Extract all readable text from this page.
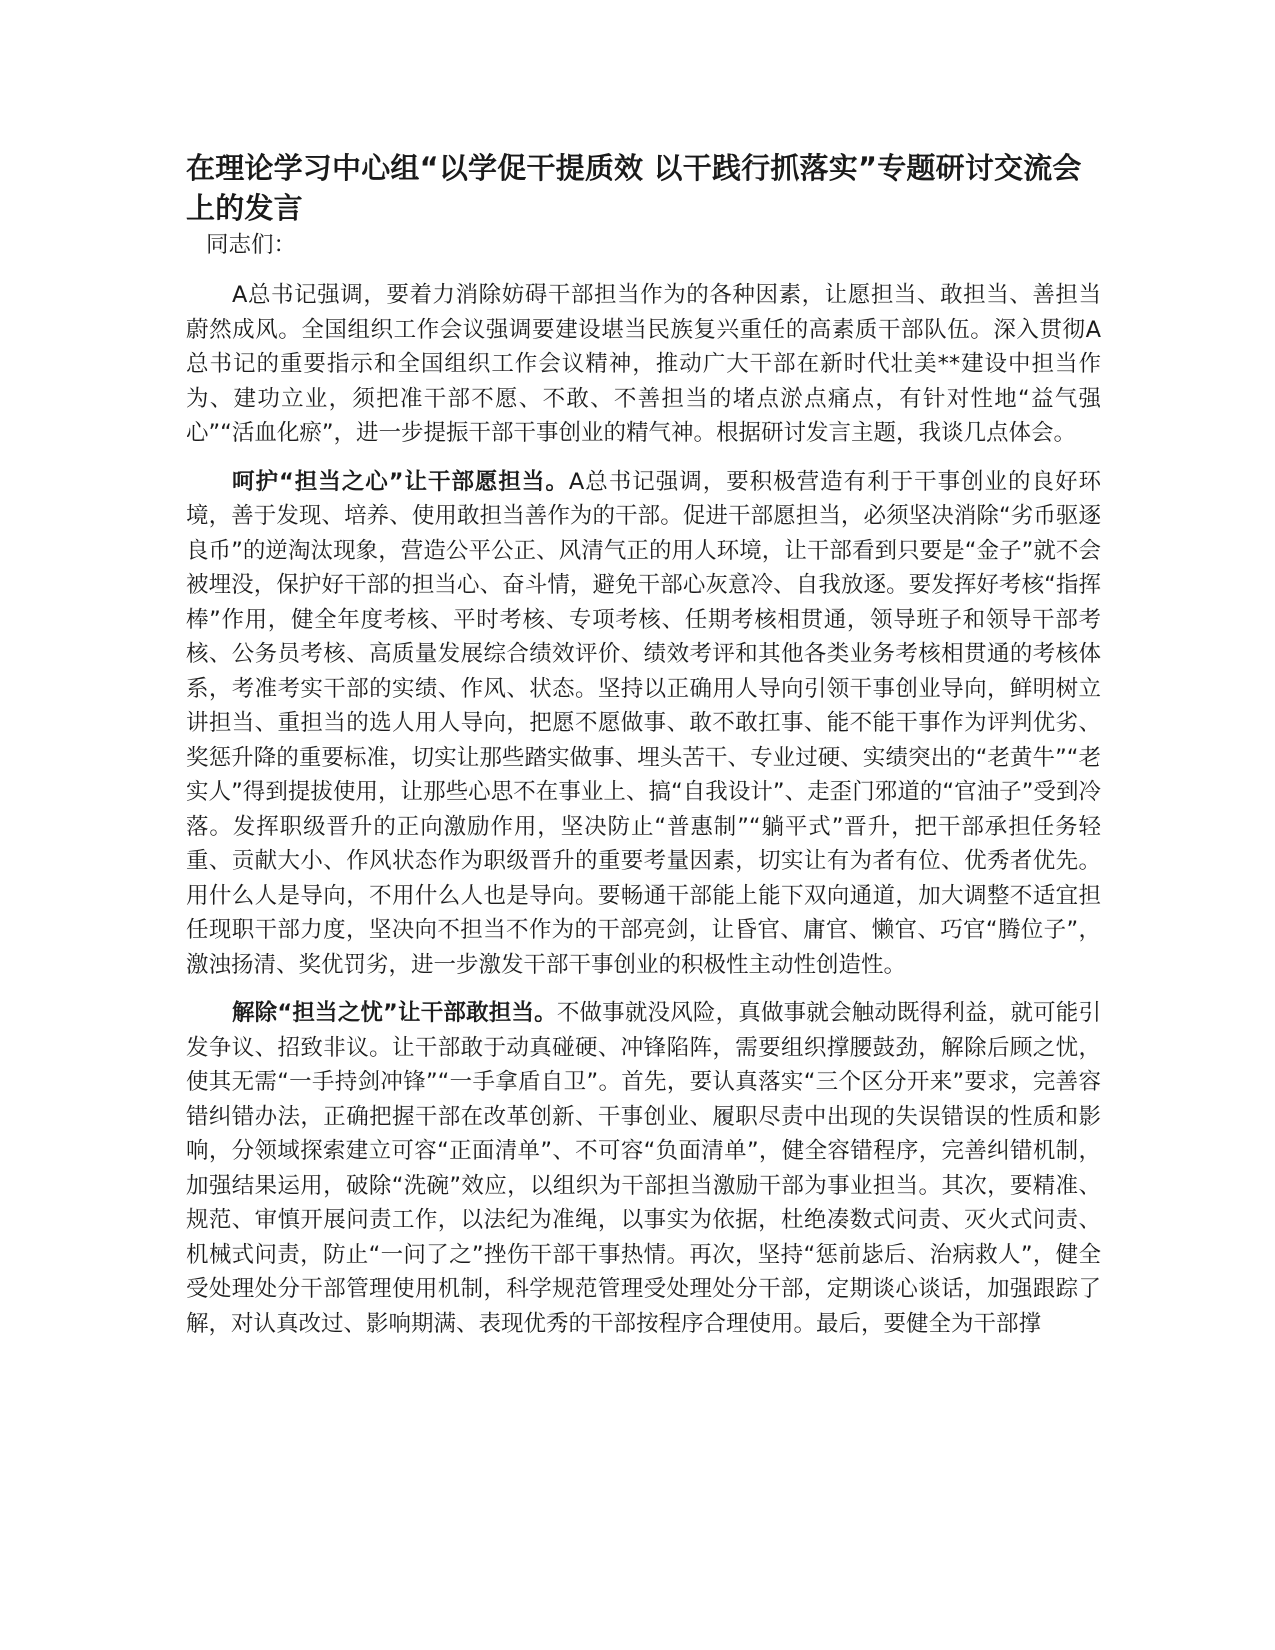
在理论学习中心组“以学促干提质效 以干践行抓落实”专题研讨交流会上的发言

同志们：

A总书记强调，要着力消除妨碍干部担当作为的各种因素，让愿担当、敢担当、善担当蔚然成风。全国组织工作会议强调要建设堪当民族复兴重任的高素质干部队伍。深入贯彻A总书记的重要指示和全国组织工作会议精神，推动广大干部在新时代壮美**建设中担当作为、建功立业，须把准干部不愿、不敢、不善担当的堵点淤点痛点，有针对性地“益气强心”“活血化瘀”，进一步提振干部干事创业的精气神。根据研讨发言主题，我谈几点体会。

呵护“担当之心”让干部愿担当。A总书记强调，要积极营造有利于干事创业的良好环境，善于发现、培养、使用敢担当善作为的干部。促进干部愿担当，必须坚决消除“劣币驱逐良币”的逆淘汰现象，营造公平公正、风清气正的用人环境，让干部看到只要是“金子”就不会被埋没，保护好干部的担当心、奋斗情，避免干部心灰意冷、自我放逐。要发挥好考核“指挥棒”作用，健全年度考核、平时考核、专项考核、任期考核相贯通，领导班子和领导干部考核、公务员考核、高质量发展综合绩效评价、绩效考评和其他各类业务考核相贯通的考核体系，考准考实干部的实绩、作风、状态。坚持以正确用人导向引领干事创业导向，鲜明树立讲担当、重担当的选人用人导向，把愿不愿做事、敢不敢扛事、能不能干事作为评判优劣、奖惩升降的重要标准，切实让那些踏实做事、埋头苦干、专业过硬、实绩突出的“老黄牛”“老实人”得到提拔使用，让那些心思不在事业上、搞“自我设计”、走歪门邪道的“官油子”受到冷落。发挥职级晋升的正向激励作用，坚决防止“普惠制”“躺平式”晋升，把干部承担任务轻重、贡献大小、作风状态作为职级晋升的重要考量因素，切实让有为者有位、优秀者优先。用什么人是导向，不用什么人也是导向。要畅通干部能上能下双向通道，加大调整不适宜担任现职干部力度，坚决向不担当不作为的干部亮剑，让昏官、庸官、懒官、巧官“腾位子”，激浊扬清、奖优罚劣，进一步激发干部干事创业的积极性主动性创造性。

解除“担当之忧”让干部敢担当。不做事就没风险，真做事就会触动既得利益，就可能引发争议、招致非议。让干部敢于动真碰硬、冲锋陷阵，需要组织撑腰鼓劲，解除后顾之忧，使其无需“一手持剑冲锋”“一手拿盾自卫”。首先，要认真落实“三个区分开来”要求，完善容错纠错办法，正确把握干部在改革创新、干事创业、履职尽责中出现的失误错误的性质和影响，分领域探索建立可容“正面清单”、不可容“负面清单”，健全容错程序，完善纠错机制，加强结果运用，破除“洗碗”效应，以组织为干部担当激励干部为事业担当。其次，要精准、规范、审慎开展问责工作，以法纪为准绳，以事实为依据，杜绝凑数式问责、灭火式问责、机械式问责，防止“一问了之”挫伤干部干事热情。再次，坚持“惩前毖后、治病救人”，健全受处理处分干部管理使用机制，科学规范管理受处理处分干部，定期谈心谈话，加强跟踪了解，对认真改过、影响期满、表现优秀的干部按程序合理使用。最后，要健全为干部撑
